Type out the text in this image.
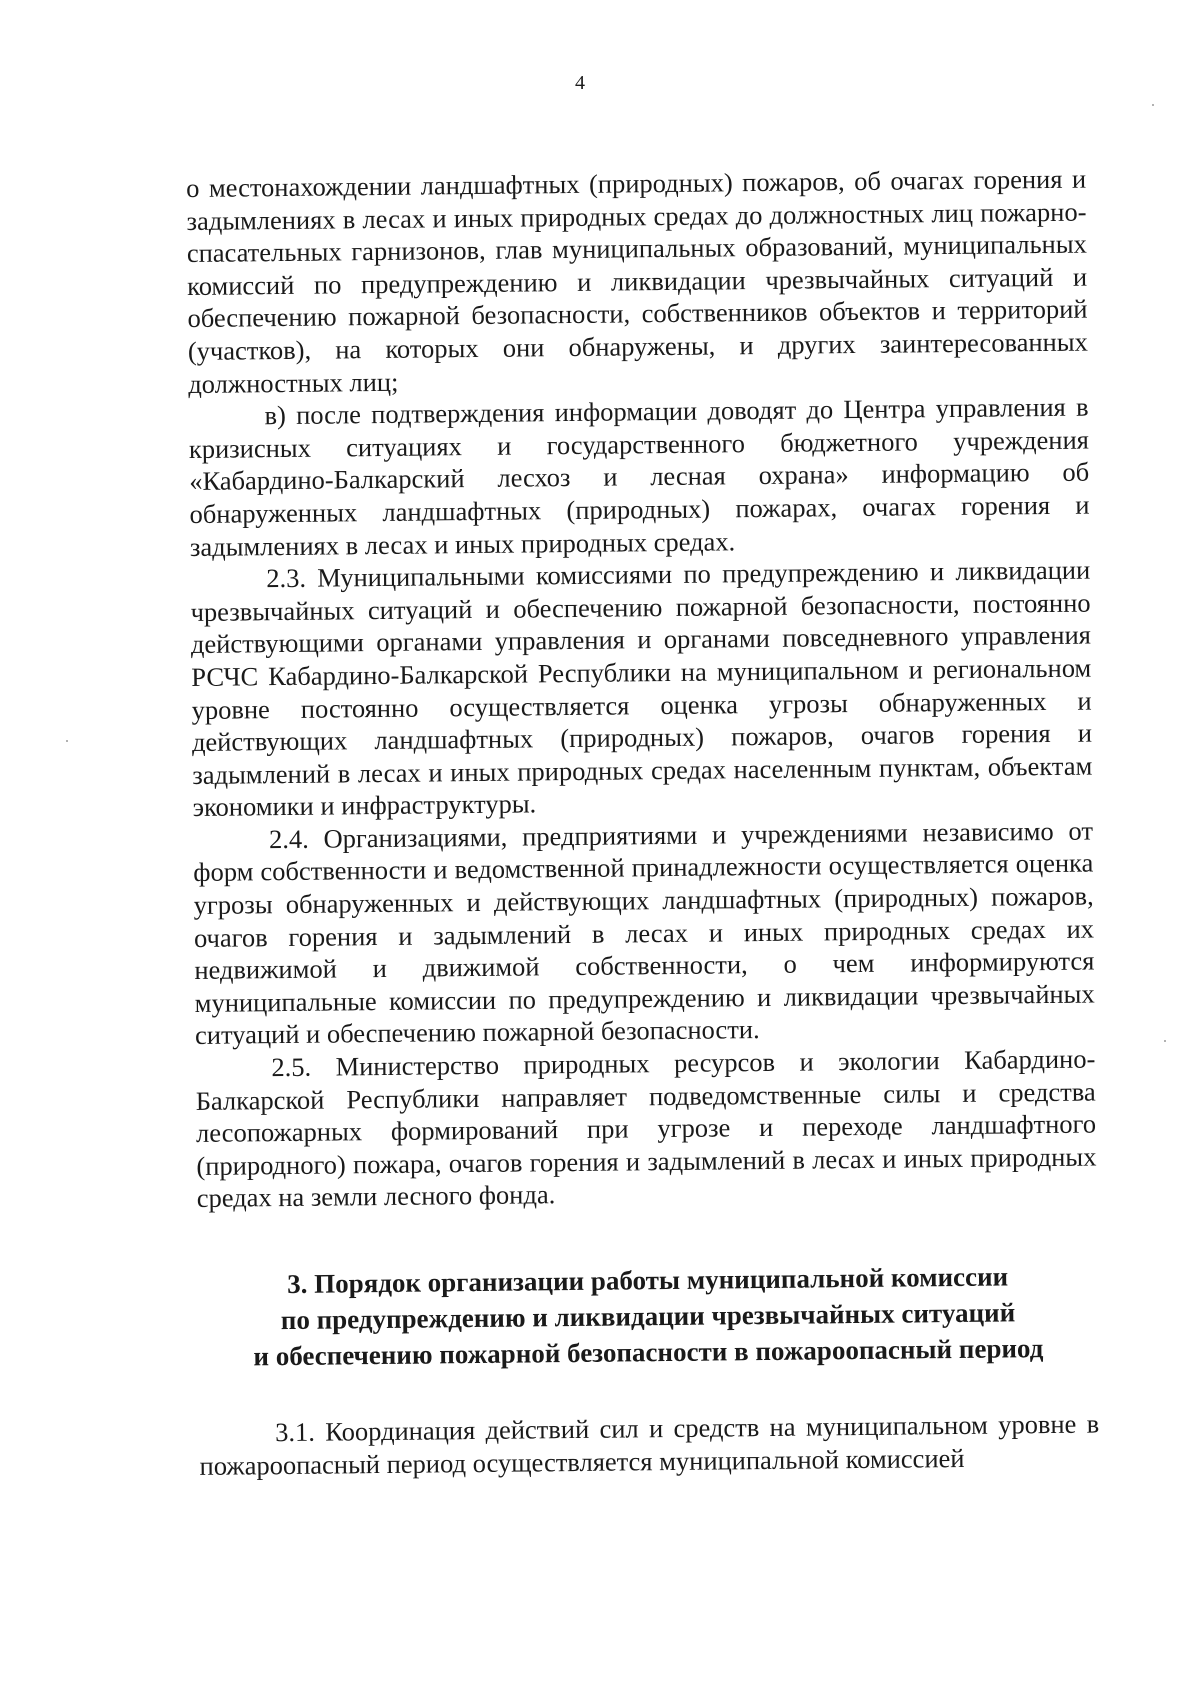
4

о местонахождении ландшафтных (природных) пожаров, об очагах горения и задымлениях в лесах и иных природных средах до должностных лиц пожарно-спасательных гарнизонов, глав муниципальных образований, муниципальных комиссий по предупреждению и ликвидации чрезвычайных ситуаций и обеспечению пожарной безопасности, собственников объектов и территорий (участков), на которых они обнаружены, и других заинтересованных должностных лиц;

в) после подтверждения информации доводят до Центра управления в кризисных ситуациях и государственного бюджетного учреждения «Кабардино-Балкарский лесхоз и лесная охрана» информацию об обнаруженных ландшафтных (природных) пожарах, очагах горения и задымлениях в лесах и иных природных средах.

2.3. Муниципальными комиссиями по предупреждению и ликвидации чрезвычайных ситуаций и обеспечению пожарной безопасности, постоянно действующими органами управления и органами повседневного управления РСЧС Кабардино-Балкарской Республики на муниципальном и региональном уровне постоянно осуществляется оценка угрозы обнаруженных и действующих ландшафтных (природных) пожаров, очагов горения и задымлений в лесах и иных природных средах населенным пунктам, объектам экономики и инфраструктуры.

2.4. Организациями, предприятиями и учреждениями независимо от форм собственности и ведомственной принадлежности осуществляется оценка угрозы обнаруженных и действующих ландшафтных (природных) пожаров, очагов горения и задымлений в лесах и иных природных средах их недвижимой и движимой собственности, о чем информируются муниципальные комиссии по предупреждению и ликвидации чрезвычайных ситуаций и обеспечению пожарной безопасности.

2.5. Министерство природных ресурсов и экологии Кабардино-Балкарской Республики направляет подведомственные силы и средства лесопожарных формирований при угрозе и переходе ландшафтного (природного) пожара, очагов горения и задымлений в лесах и иных природных средах на земли лесного фонда.

3. Порядок организации работы муниципальной комиссии
по предупреждению и ликвидации чрезвычайных ситуаций
и обеспечению пожарной безопасности в пожароопасный период

3.1. Координация действий сил и средств на муниципальном уровне в пожароопасный период осуществляется муниципальной комиссией
